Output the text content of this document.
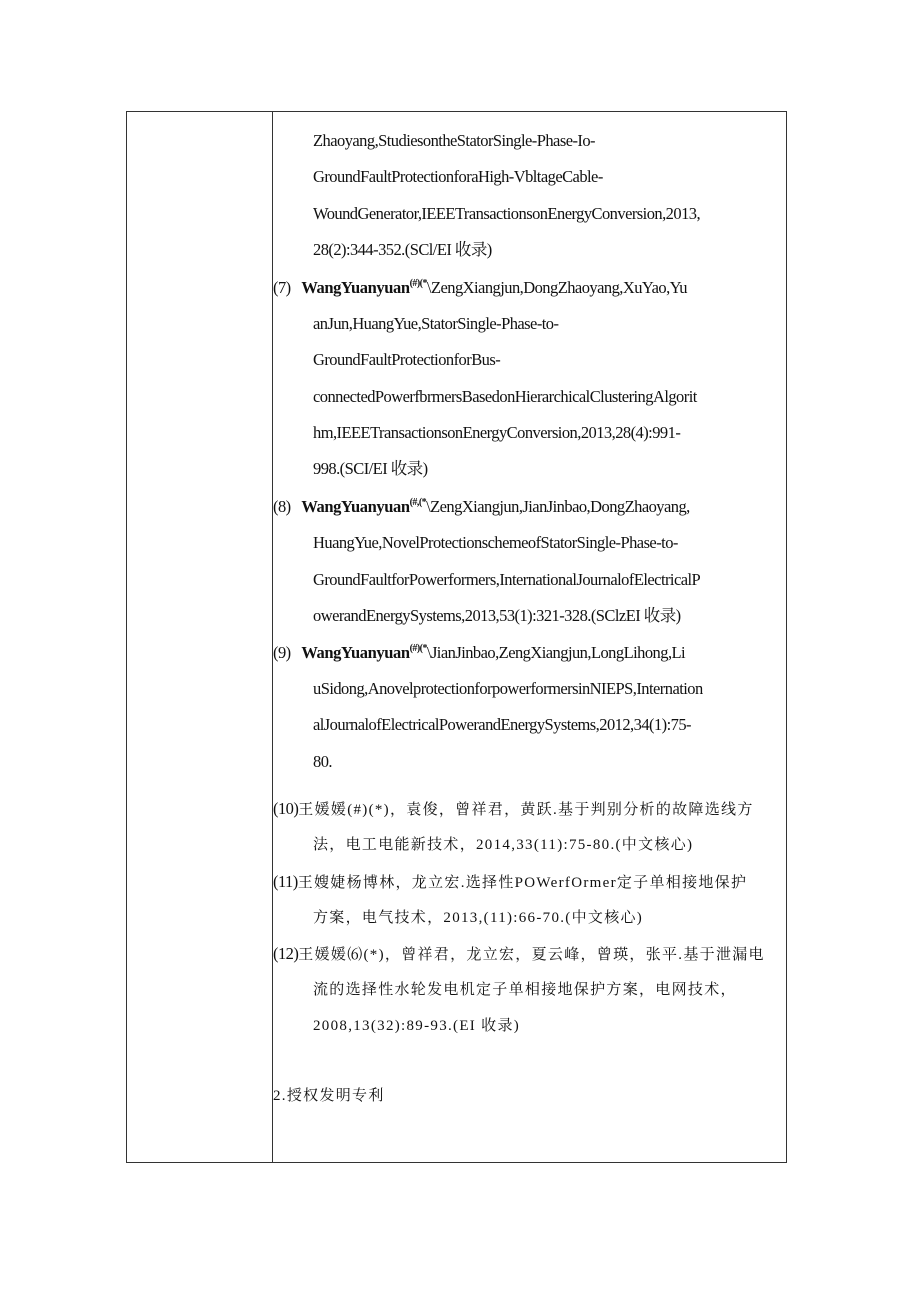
Zhaoyang,StudiesontheStatorSingle-Phase-Io-
GroundFaultProtectionforaHigh-VbltageCable-
WoundGenerator,IEEETransactionsonEnergyConversion,2013,
28(2):344-352.(SCl/EI 收录)
(7) WangYuanyuan(#)(*\ZengXiangjun,DongZhaoyang,XuYao,Yu
anJun,HuangYue,StatorSingle-Phase-to-
GroundFaultProtectionforBus-
connectedPowerfbrmersBasedonHierarchicalClusteringAlgorit
hm,IEEETransactionsonEnergyConversion,2013,28(4):991-
998.(SCI/EI 收录)
(8) WangYuanyuan(#,(*\ZengXiangjun,JianJinbao,DongZhaoyang,
HuangYue,NovelProtectionschemeofStatorSingle-Phase-to-
GroundFaultforPowerformers,InternationalJournalofElectricalP
owerandEnergySystems,2013,53(1):321-328.(SClzEI 收录)
(9) WangYuanyuan(#)(*\JianJinbao,ZengXiangjun,LongLihong,Li
uSidong,AnovelprotectionforpowerformersinNIEPS,Internation
alJournalofElectricalPowerandEnergySystems,2012,34(1):75-
80.
(10)王媛媛(#)(*)，袁俊，曾祥君，黄跃.基于判别分析的故障选线方
法，电工电能新技术，2014,33(11):75-80.(中文核心)
(11)王嫂婕杨博林，龙立宏.选择性POWerfOrmer定子单相接地保护
方案，电气技术，2013,(11):66-70.(中文核心)
(12)王媛媛⑹(*)，曾祥君，龙立宏，夏云峰，曾瑛，张平.基于泄漏电
流的选择性水轮发电机定子单相接地保护方案，电网技术，
2008,13(32):89-93.(EI 收录)
2.授权发明专利
